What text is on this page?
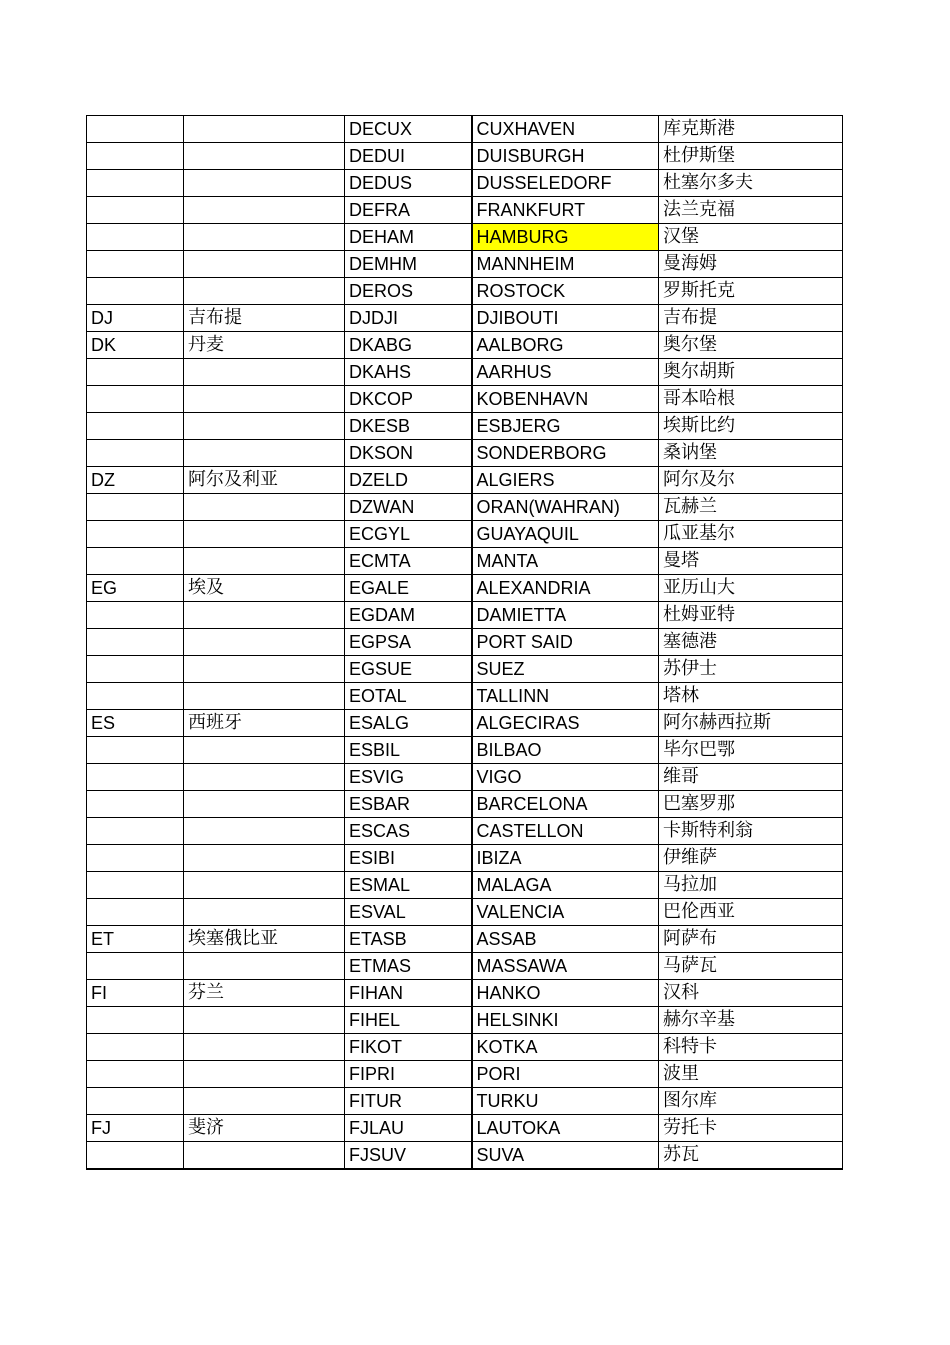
		DECUX	CUXHAVEN	库克斯港
		DEDUI	DUISBURGH	杜伊斯堡
		DEDUS	DUSSELEDORF	杜塞尔多夫
		DEFRA	FRANKFURT	法兰克福
		DEHAM	HAMBURG	汉堡
		DEMHM	MANNHEIM	曼海姆
		DEROS	ROSTOCK	罗斯托克
DJ	吉布提	DJDJI	DJIBOUTI	吉布提
DK	丹麦	DKABG	AALBORG	奥尔堡
		DKAHS	AARHUS	奥尔胡斯
		DKCOP	KOBENHAVN	哥本哈根
		DKESB	ESBJERG	埃斯比约
		DKSON	SONDERBORG	桑讷堡
DZ	阿尔及利亚	DZELD	ALGIERS	阿尔及尔
		DZWAN	ORAN(WAHRAN)	瓦赫兰
		ECGYL	GUAYAQUIL	瓜亚基尔
		ECMTA	MANTA	曼塔
EG	埃及	EGALE	ALEXANDRIA	亚历山大
		EGDAM	DAMIETTA	杜姆亚特
		EGPSA	PORT SAID	塞德港
		EGSUE	SUEZ	苏伊士
		EOTAL	TALLINN	塔林
ES	西班牙	ESALG	ALGECIRAS	阿尔赫西拉斯
		ESBIL	BILBAO	毕尔巴鄂
		ESVIG	VIGO	维哥
		ESBAR	BARCELONA	巴塞罗那
		ESCAS	CASTELLON	卡斯特利翁
		ESIBI	IBIZA	伊维萨
		ESMAL	MALAGA	马拉加
		ESVAL	VALENCIA	巴伦西亚
ET	埃塞俄比亚	ETASB	ASSAB	阿萨布
		ETMAS	MASSAWA	马萨瓦
FI	芬兰	FIHAN	HANKO	汉科
		FIHEL	HELSINKI	赫尔辛基
		FIKOT	KOTKA	科特卡
		FIPRI	PORI	波里
		FITUR	TURKU	图尔库
FJ	斐济	FJLAU	LAUTOKA	劳托卡
		FJSUV	SUVA	苏瓦
